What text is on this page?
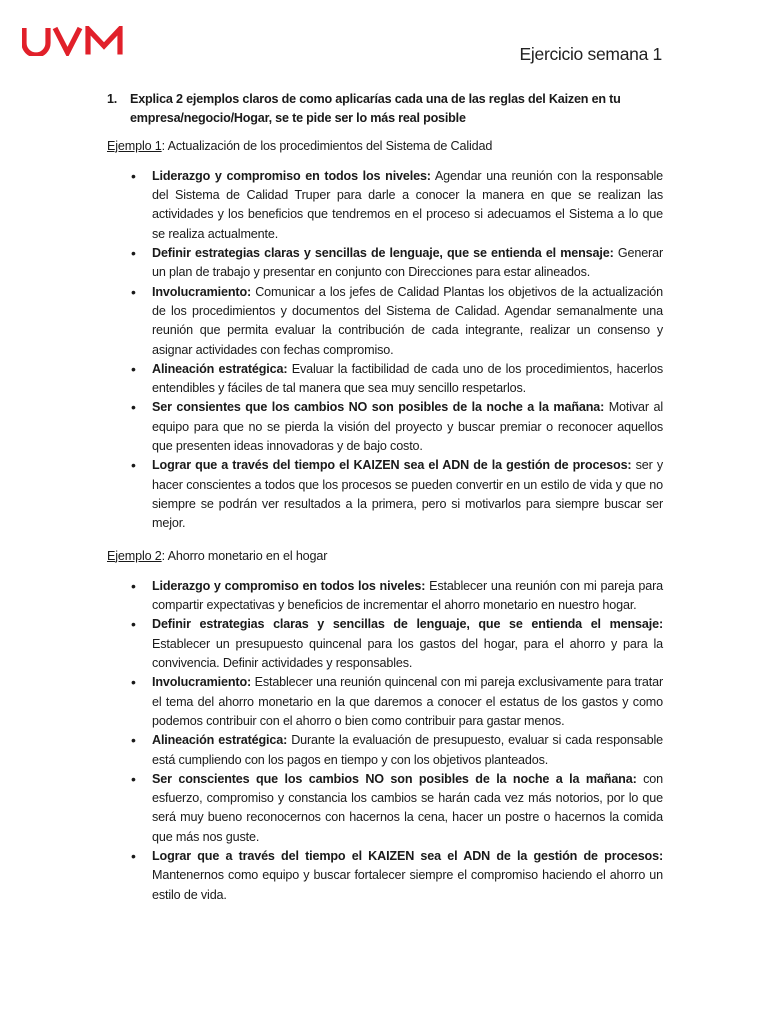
Ejercicio semana 1
1. Explica 2 ejemplos claros de como aplicarías cada una de las reglas del Kaizen en tu empresa/negocio/Hogar, se te pide ser lo más real posible
Ejemplo 1: Actualización de los procedimientos del Sistema de Calidad
• Liderazgo y compromiso en todos los niveles: Agendar una reunión con la responsable del Sistema de Calidad Truper para darle a conocer la manera en que se realizan las actividades y los beneficios que tendremos en el proceso si adecuamos el Sistema a lo que se realiza actualmente.
• Definir estrategias claras y sencillas de lenguaje, que se entienda el mensaje: Generar un plan de trabajo y presentar en conjunto con Direcciones para estar alineados.
• Involucramiento: Comunicar a los jefes de Calidad Plantas los objetivos de la actualización de los procedimientos y documentos del Sistema de Calidad. Agendar semanalmente una reunión que permita evaluar la contribución de cada integrante, realizar un consenso y asignar actividades con fechas compromiso.
• Alineación estratégica: Evaluar la factibilidad de cada uno de los procedimientos, hacerlos entendibles y fáciles de tal manera que sea muy sencillo respetarlos.
• Ser consientes que los cambios NO son posibles de la noche a la mañana: Motivar al equipo para que no se pierda la visión del proyecto y buscar premiar o reconocer aquellos que presenten ideas innovadoras y de bajo costo.
• Lograr que a través del tiempo el KAIZEN sea el ADN de la gestión de procesos: ser y hacer conscientes a todos que los procesos se pueden convertir en un estilo de vida y que no siempre se podrán ver resultados a la primera, pero si motivarlos para siempre buscar ser mejor.
Ejemplo 2: Ahorro monetario en el hogar
• Liderazgo y compromiso en todos los niveles: Establecer una reunión con mi pareja para compartir expectativas y beneficios de incrementar el ahorro monetario en nuestro hogar.
• Definir estrategias claras y sencillas de lenguaje, que se entienda el mensaje: Establecer un presupuesto quincenal para los gastos del hogar, para el ahorro y para la convivencia. Definir actividades y responsables.
• Involucramiento: Establecer una reunión quincenal con mi pareja exclusivamente para tratar el tema del ahorro monetario en la que daremos a conocer el estatus de los gastos y como podemos contribuir con el ahorro o bien como contribuir para gastar menos.
• Alineación estratégica: Durante la evaluación de presupuesto, evaluar si cada responsable está cumpliendo con los pagos en tiempo y con los objetivos planteados.
• Ser conscientes que los cambios NO son posibles de la noche a la mañana: con esfuerzo, compromiso y constancia los cambios se harán cada vez más notorios, por lo que será muy bueno reconocernos con hacernos la cena, hacer un postre o hacernos la comida que más nos guste.
• Lograr que a través del tiempo el KAIZEN sea el ADN de la gestión de procesos: Mantenernos como equipo y buscar fortalecer siempre el compromiso haciendo el ahorro un estilo de vida.
